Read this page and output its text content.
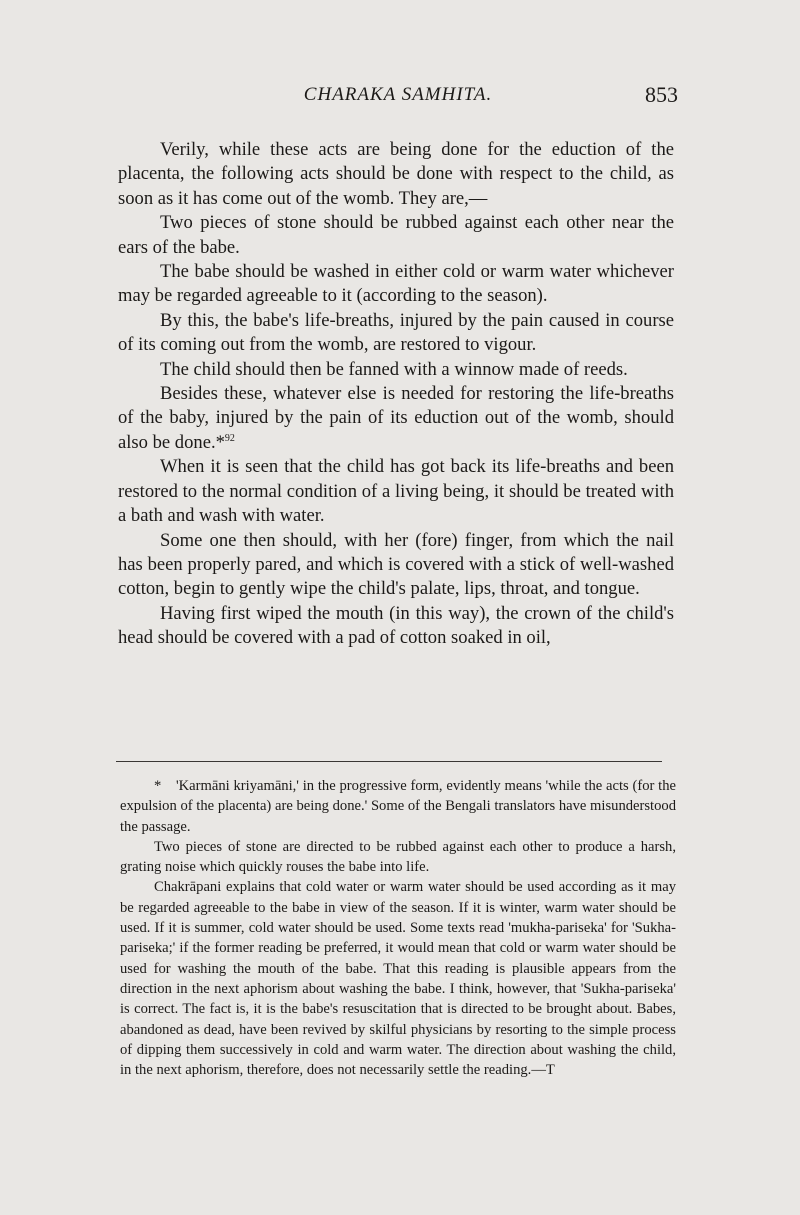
CHARAKA SAMHITA.	853

Verily, while these acts are being done for the eduction of the placenta, the following acts should be done with respect to the child, as soon as it has come out of the womb. They are,—

Two pieces of stone should be rubbed against each other near the ears of the babe.

The babe should be washed in either cold or warm water whichever may be regarded agreeable to it (according to the season).

By this, the babe's life-breaths, injured by the pain caused in course of its coming out from the womb, are restored to vigour.

The child should then be fanned with a winnow made of reeds.

Besides these, whatever else is needed for restoring the life-breaths of the baby, injured by the pain of its eduction out of the womb, should also be done.*$^{92}$

When it is seen that the child has got back its life-breaths and been restored to the normal condition of a living being, it should be treated with a bath and wash with water.

Some one then should, with her (fore) finger, from which the nail has been properly pared, and which is covered with a stick of well-washed cotton, begin to gently wipe the child's palate, lips, throat, and tongue.

Having first wiped the mouth (in this way), the crown of the child's head should be covered with a pad of cotton soaked in oil,

* 'Karmāni kriyamāni,' in the progressive form, evidently means 'while the acts (for the expulsion of the placenta) are being done.' Some of the Bengali translators have misunderstood the passage.

Two pieces of stone are directed to be rubbed against each other to produce a harsh, grating noise which quickly rouses the babe into life.

Chakrāpani explains that cold water or warm water should be used according as it may be regarded agreeable to the babe in view of the season. If it is winter, warm water should be used. If it is summer, cold water should be used. Some texts read 'mukha-pariseka' for 'Sukha-pariseka;' if the former reading be preferred, it would mean that cold or warm water should be used for washing the mouth of the babe. That this reading is plausible appears from the direction in the next aphorism about washing the babe. I think, however, that 'Sukha-pariseka' is correct. The fact is, it is the babe's resuscitation that is directed to be brought about. Babes, abandoned as dead, have been revived by skilful physicians by resorting to the simple process of dipping them successively in cold and warm water. The direction about washing the child, in the next aphorism, therefore, does not necessarily settle the reading.—T
